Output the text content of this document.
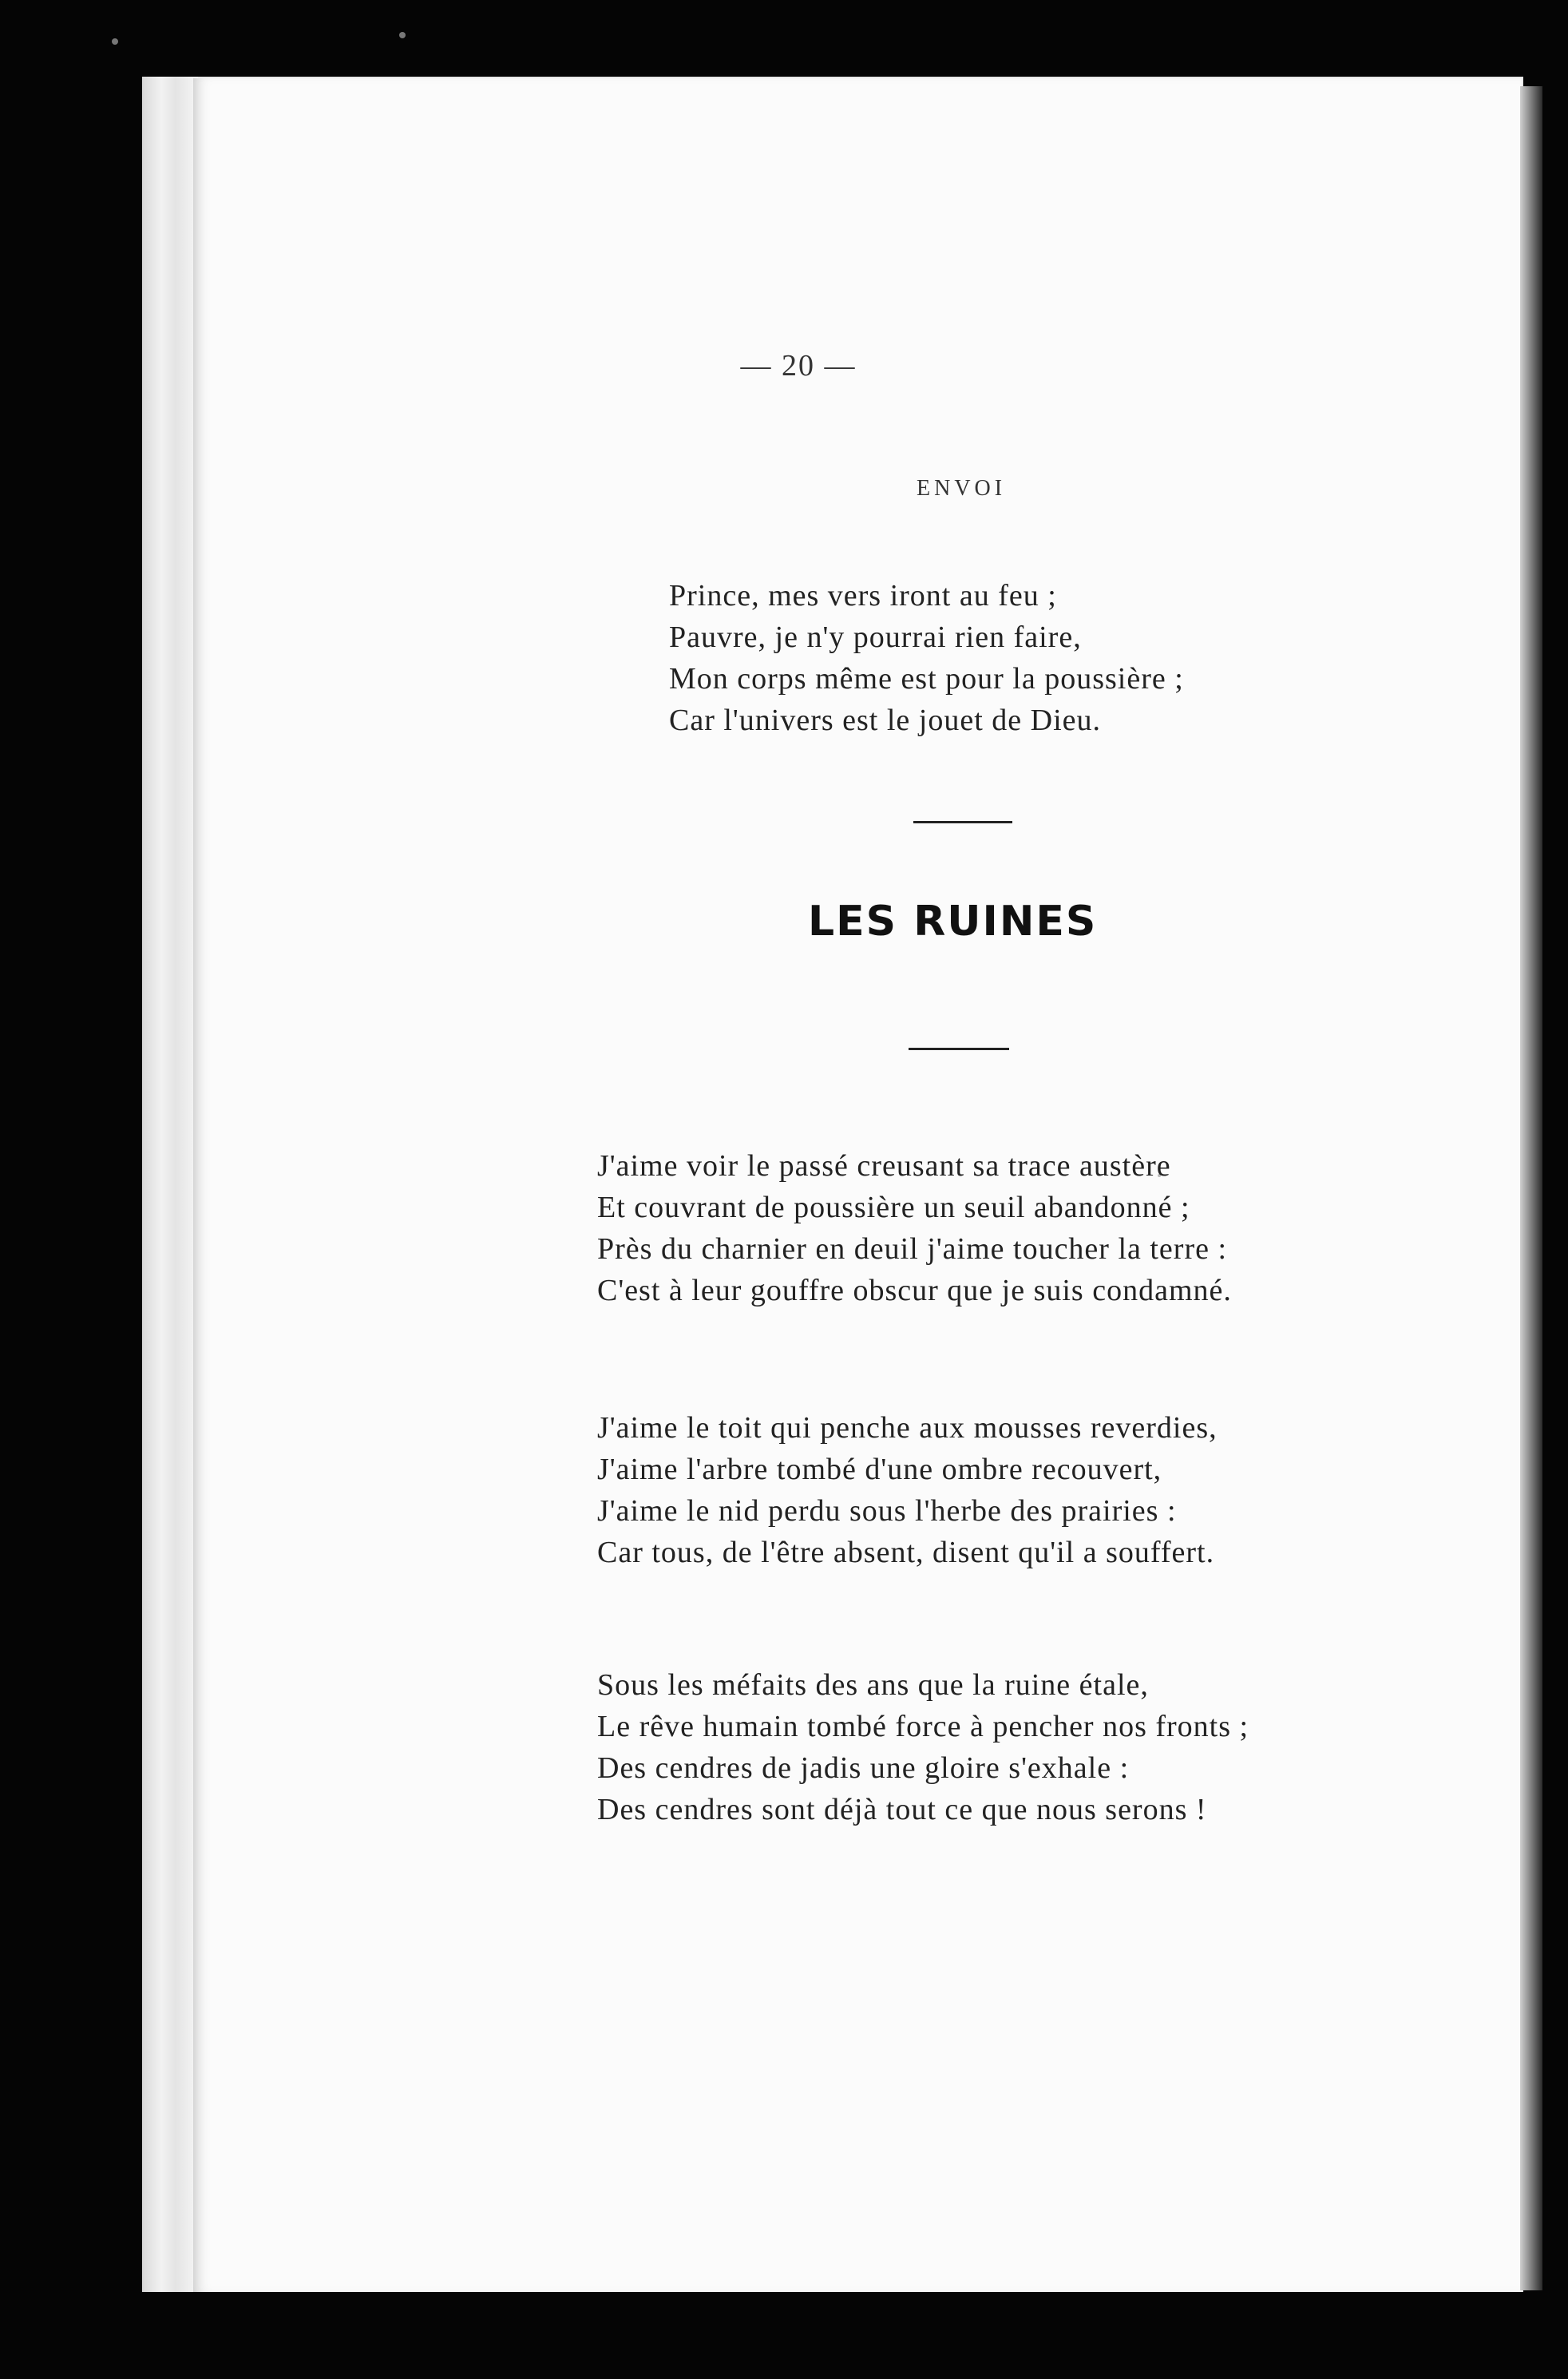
— 20 —
ENVOI
Prince, mes vers iront au feu ;
Pauvre, je n'y pourrai rien faire,
Mon corps même est pour la poussière ;
Car l'univers est le jouet de Dieu.
LES RUINES
J'aime voir le passé creusant sa trace austère
Et couvrant de poussière un seuil abandonné ;
Près du charnier en deuil j'aime toucher la terre :
C'est à leur gouffre obscur que je suis condamné.
J'aime le toit qui penche aux mousses reverdies,
J'aime l'arbre tombé d'une ombre recouvert,
J'aime le nid perdu sous l'herbe des prairies :
Car tous, de l'être absent, disent qu'il a souffert.
Sous les méfaits des ans que la ruine étale,
Le rêve humain tombé force à pencher nos fronts ;
Des cendres de jadis une gloire s'exhale :
Des cendres sont déjà tout ce que nous serons !
